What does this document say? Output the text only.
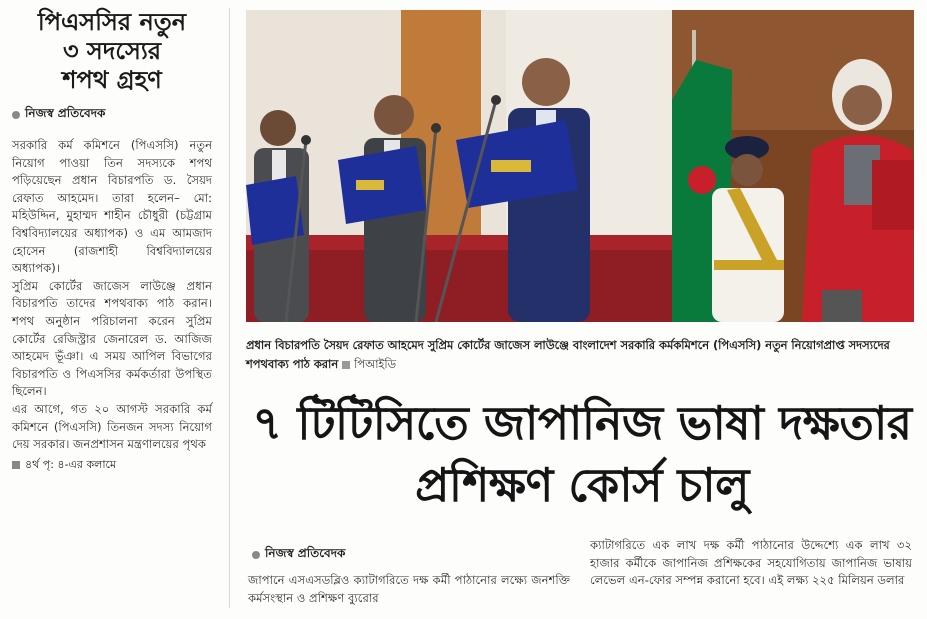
পিএসসির নতুন
৩ সদস্যের
শপথ গ্রহণ
নিজস্ব প্রতিবেদক
সরকারি কর্ম কমিশনে (পিএসসি) নতুন নিয়োগ পাওয়া তিন সদস্যকে শপথ পড়িয়েছেন প্রধান বিচারপতি ড. সৈয়দ রেফাত আহমেদ। তারা হলেন– মো: মহিউদ্দিন, মুহাম্মদ শাহীন চৌধুরী (চট্টগ্রাম বিশ্ববিদ্যালয়ের অধ্যাপক) ও এম আমজাদ হোসেন (রাজশাহী বিশ্ববিদ্যালয়ের অধ্যাপক)।
সুপ্রিম কোর্টের জাজেস লাউঞ্জে প্রধান বিচারপতি তাদের শপথবাক্য পাঠ করান। শপথ অনুষ্ঠান পরিচালনা করেন সুপ্রিম কোর্টের রেজিস্ট্রার জেনারেল ড. আজিজ আহমেদ ভূঁঞা। এ সময় আপিল বিভাগের বিচারপতি ও পিএসসির কর্মকর্তারা উপস্থিত ছিলেন।
এর আগে, গত ২০ আগস্ট সরকারি কর্ম কমিশনে (পিএসসি) তিনজন সদস্য নিয়োগ দেয় সরকার। জনপ্রশাসন মন্ত্রণালয়ের পৃথক
৪র্থ পৃ: ৪-এর কলামে
প্রধান বিচারপতি সৈয়দ রেফাত আহমেদ সুপ্রিম কোর্টের জাজেস লাউঞ্জে বাংলাদেশ সরকারি কর্মকমিশনে (পিএসসি) নতুন নিয়োগপ্রাপ্ত সদস্যদের শপথবাক্য পাঠ করান পিআইডি
৭ টিটিসিতে জাপানিজ ভাষা দক্ষতার প্রশিক্ষণ কোর্স চালু
নিজস্ব প্রতিবেদক
জাপানে এসএসডব্লিও ক্যাটাগরিতে দক্ষ কর্মী পাঠানোর লক্ষ্যে জনশক্তি কর্মসংস্থান ও প্রশিক্ষণ ব্যুরোর
ক্যাটাগরিতে এক লাখ দক্ষ কর্মী পাঠানোর উদ্দেশ্যে এক লাখ ৩২ হাজার কর্মীকে জাপানিজ প্রশিক্ষকের সহযোগিতায় জাপানিজ ভাষায় লেভেল এন-ফোর সম্পন্ন করানো হবে। এই লক্ষ্য ২২৫ মিলিয়ন ডলার
